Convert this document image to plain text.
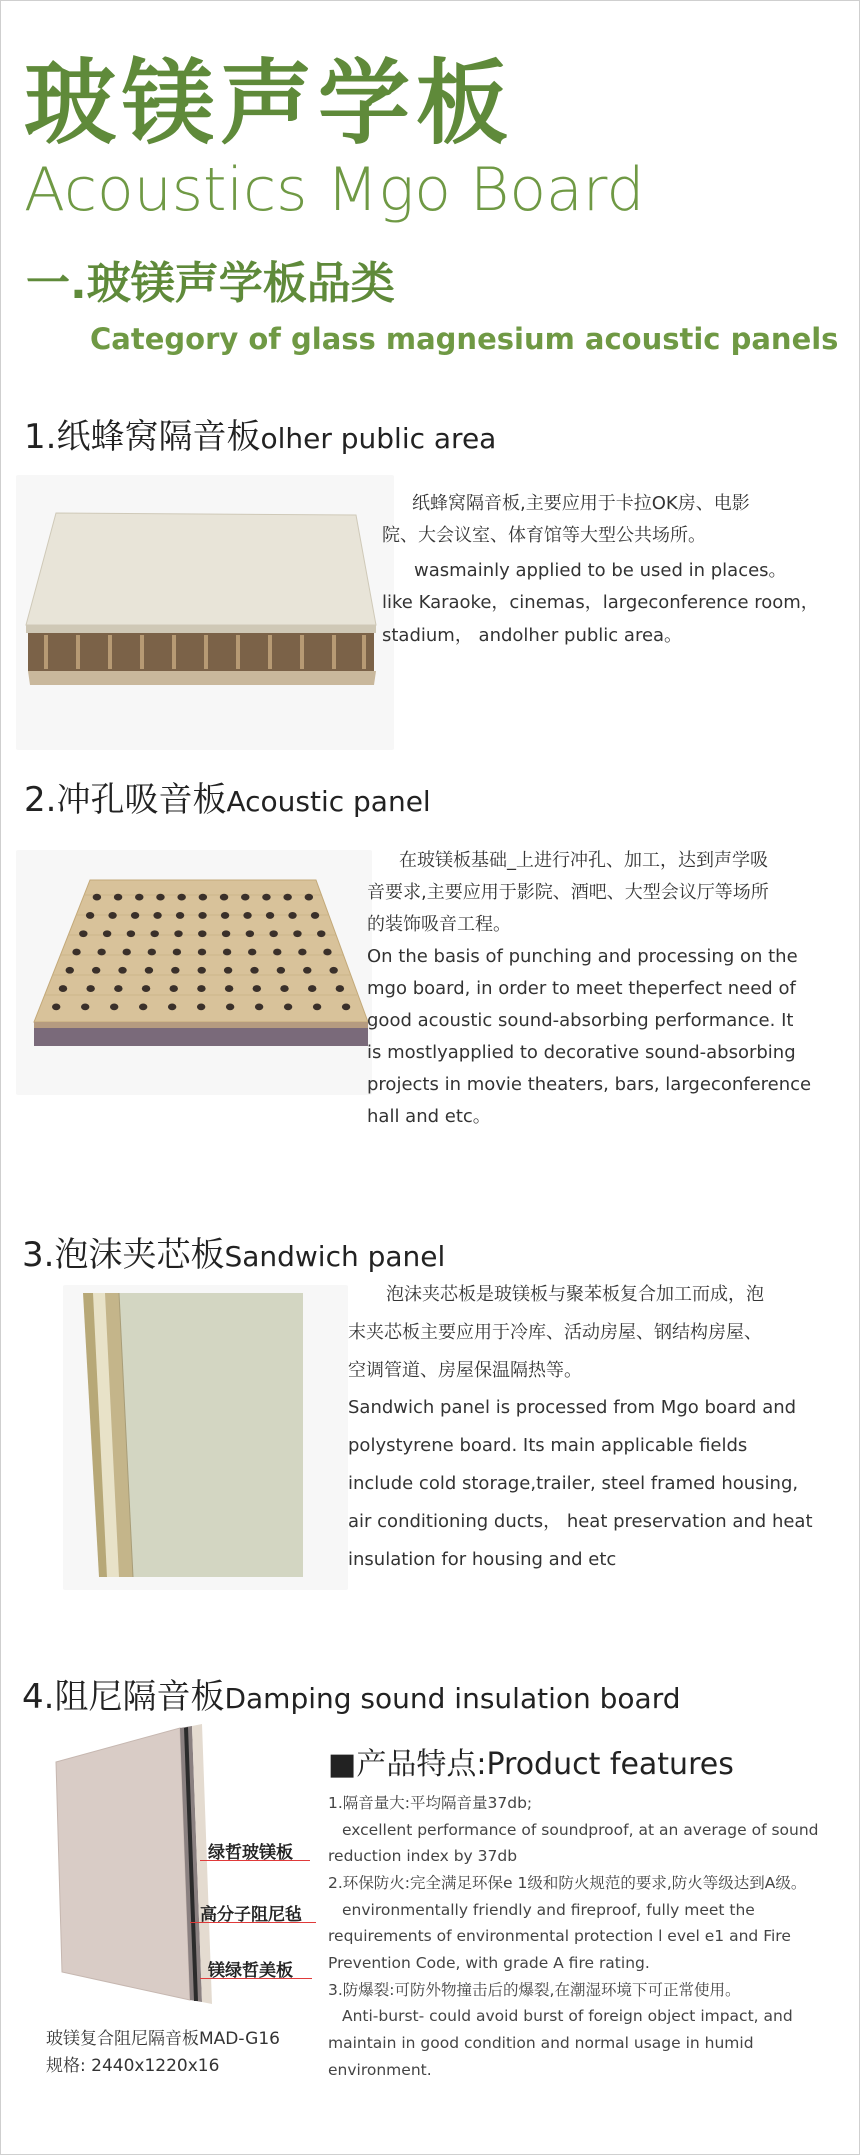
玻镁声学板
Acoustics Mgo Board
一.玻镁声学板品类
Category of glass magnesium acoustic panels
1.纸蜂窝隔音板olher public area
纸蜂窝隔音板,主要应用于卡拉OK房、电影
院、大会议室、体育馆等大型公共场所。
wasmainly applied to be used in places。
like Karaoke，cinemas，largeconference room，
stadium， andolher public area。
2.冲孔吸音板Acoustic panel
在玻镁板基础_上进行冲孔、加工，达到声学吸
音要求,主要应用于影院、酒吧、大型会议厅等场所
的装饰吸音工程。
On the basis of punching and processing on the
mgo board, in order to meet theperfect need of
good acoustic sound-absorbing performance. It
is mostlyapplied to decorative sound-absorbing
projects in movie theaters, bars, largeconference
hall and etc。
3.泡沫夹芯板Sandwich panel
泡沫夹芯板是玻镁板与聚苯板复合加工而成，泡
末夹芯板主要应用于冷库、活动房屋、钢结构房屋、
空调管道、房屋保温隔热等。
Sandwich panel is processed from Mgo board and
polystyrene board. Its main applicable fields
include cold storage,trailer, steel framed housing,
air conditioning ducts， heat preservation and heat
insulation for housing and etc
4.阻尼隔音板Damping sound insulation board
绿哲玻镁板
高分子阻尼毡
镁绿哲美板
玻镁复合阻尼隔音板MAD-G16
规格: 2440x1220x16
■产品特点:Product features
1.隔音量大:平均隔音量37db;
excellent performance of soundproof, at an average of sound
reduction index by 37db
2.环保防火:完全满足环保e 1级和防火规范的要求,防火等级达到A级。
environmentally friendly and fireproof, fully meet the
requirements of environmental protection l evel e1 and Fire
Prevention Code, with grade A fire rating.
3.防爆裂:可防外物撞击后的爆裂,在潮湿环境下可正常使用。
Anti-burst- could avoid burst of foreign object impact, and
maintain in good condition and normal usage in humid
environment.
